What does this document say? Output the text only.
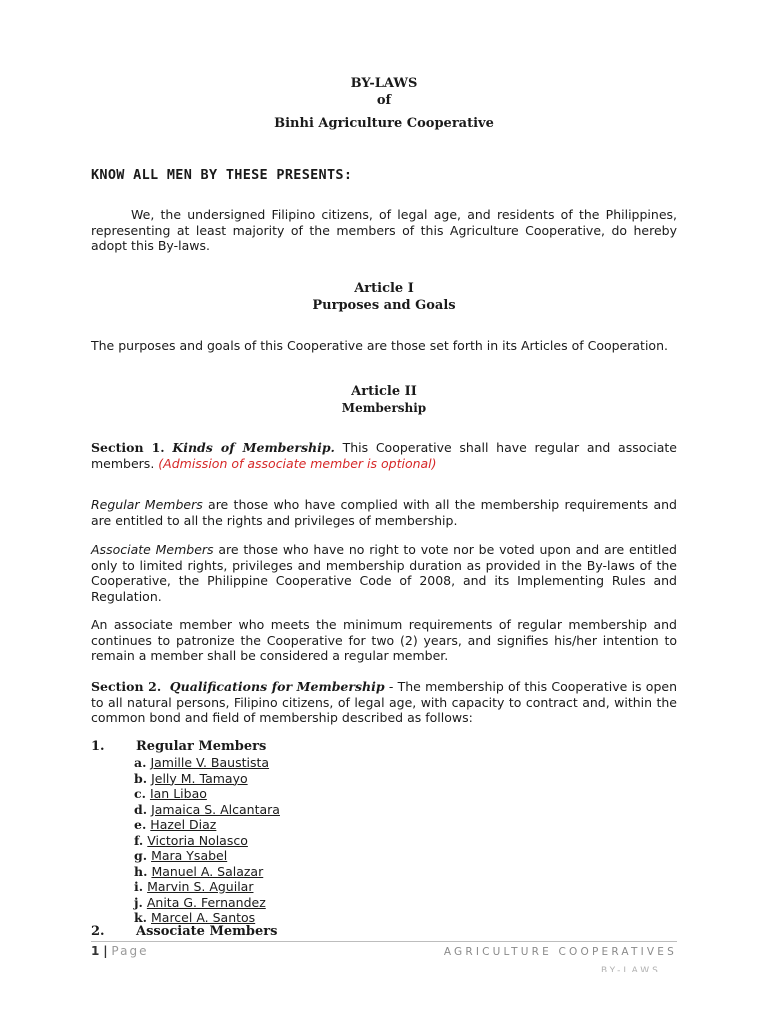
BY-LAWS
of
Binhi Agriculture Cooperative
KNOW ALL MEN BY THESE PRESENTS:
We, the undersigned Filipino citizens, of legal age, and residents of the Philippines, representing at least majority of the members of this Agriculture Cooperative, do hereby adopt this By-laws.
Article I
Purposes and Goals
The purposes and goals of this Cooperative are those set forth in its Articles of Cooperation.
Article II
Membership
Section 1. Kinds of Membership. This Cooperative shall have regular and associate members. (Admission of associate member is optional)
Regular Members are those who have complied with all the membership requirements and are entitled to all the rights and privileges of membership.
Associate Members are those who have no right to vote nor be voted upon and are entitled only to limited rights, privileges and membership duration as provided in the By-laws of the Cooperative, the Philippine Cooperative Code of 2008, and its Implementing Rules and Regulation.
An associate member who meets the minimum requirements of regular membership and continues to patronize the Cooperative for two (2) years, and signifies his/her intention to remain a member shall be considered a regular member.
Section 2. Qualifications for Membership - The membership of this Cooperative is open to all natural persons, Filipino citizens, of legal age, with capacity to contract and, within the common bond and field of membership described as follows:
1. Regular Members
a. Jamille V. Baustista
b. Jelly M. Tamayo
c. Ian Libao
d. Jamaica S. Alcantara
e. Hazel Diaz
f. Victoria Nolasco
g. Mara Ysabel
h. Manuel A. Salazar
i. Marvin S. Aguilar
j. Anita G. Fernandez
k. Marcel A. Santos
2. Associate Members
1 | Page	AGRICULTURE COOPERATIVES
BY-LAWS
